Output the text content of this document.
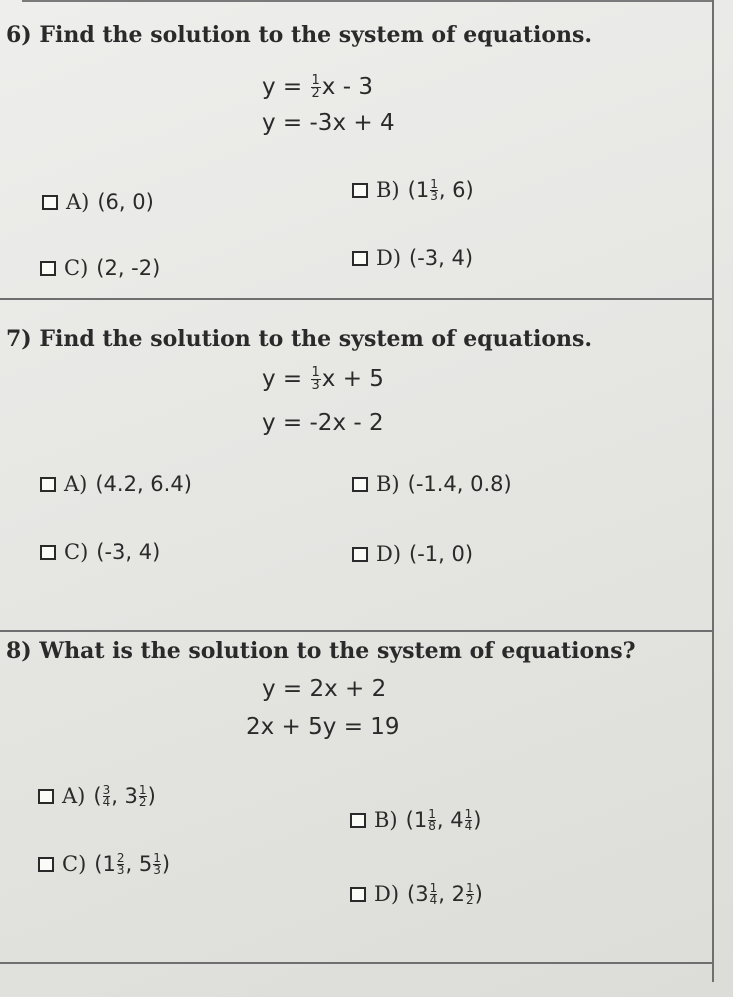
6) Find the solution to the system of equations.
$y = \frac{1}{2}$ x - 3
y = -3x + 4
A) (6, 0)	B) ($1 \frac{1}{3}$ , 6)
C) (2, -2)	D) (-3, 4)
7) Find the solution to the system of equations.
$y = \frac{1}{3}$ x + 5
y = -2x - 2
A) (4.2, 6.4)	B) (-1.4, 0.8)
C) (-3, 4)	D) (-1, 0)
8) What is the solution to the system of equations?
y = 2x + 2
2x + 5y = 19
A) ( $\frac{3}{4}$ , $3 \frac{1}{2}$ )
B) ( $1 \frac{1}{8}$ , $4 \frac{1}{4}$ )
C) ( $1 \frac{2}{3}$ , $5 \frac{1}{3}$ )
D) ( $3 \frac{1}{4}$ , $2 \frac{1}{2}$ )
